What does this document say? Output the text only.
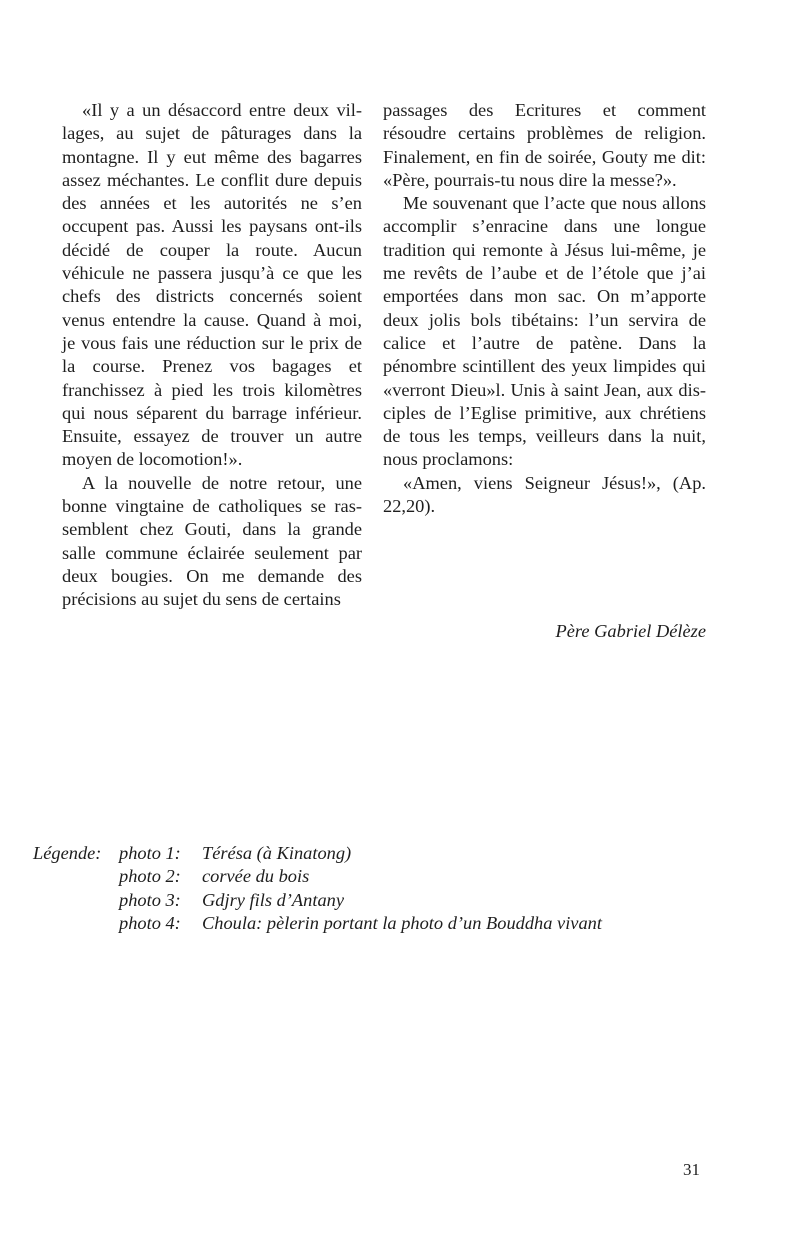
«Il y a un désaccord entre deux villages, au sujet de pâturages dans la montagne. Il y eut même des bagarres assez méchantes. Le conflit dure depuis des années et les autorités ne s’en occupent pas. Aussi les paysans ont-ils décidé de couper la route. Aucun véhicule ne passera jusqu’à ce que les chefs des districts concernés soient venus entendre la cause. Quand à moi, je vous fais une réduction sur le prix de la course. Prenez vos bagages et franchissez à pied les trois kilomètres qui nous séparent du barrage inférieur. Ensuite, essayez de trouver un autre moyen de locomotion!».

A la nouvelle de notre retour, une bonne vingtaine de catholiques se rassemblent chez Gouti, dans la grande salle commune éclairée seulement par deux bougies. On me demande des précisions au sujet du sens de certains

passages des Ecritures et comment résoudre certains problèmes de religion. Finalement, en fin de soirée, Gouty me dit: «Père, pourrais-tu nous dire la messe?».

Me souvenant que l’acte que nous allons accomplir s’enracine dans une longue tradition qui remonte à Jésus lui-même, je me revêts de l’aube et de l’étole que j’ai emportées dans mon sac. On m’apporte deux jolis bols tibétains: l’un servira de calice et l’autre de patène. Dans la pénombre scintillent des yeux limpides qui «verront Dieu»l. Unis à saint Jean, aux disciples de l’Eglise primitive, aux chrétiens de tous les temps, veilleurs dans la nuit, nous proclamons:

«Amen, viens Seigneur Jésus!», (Ap. 22,20).

Père Gabriel Délèze
Légende: photo 1:	Térésa (à Kinatong)
photo 2:	corvée du bois
photo 3:	Gdjry fils d’Antany
photo 4:	Choula: pèlerin portant la photo d’un Bouddha vivant
31
